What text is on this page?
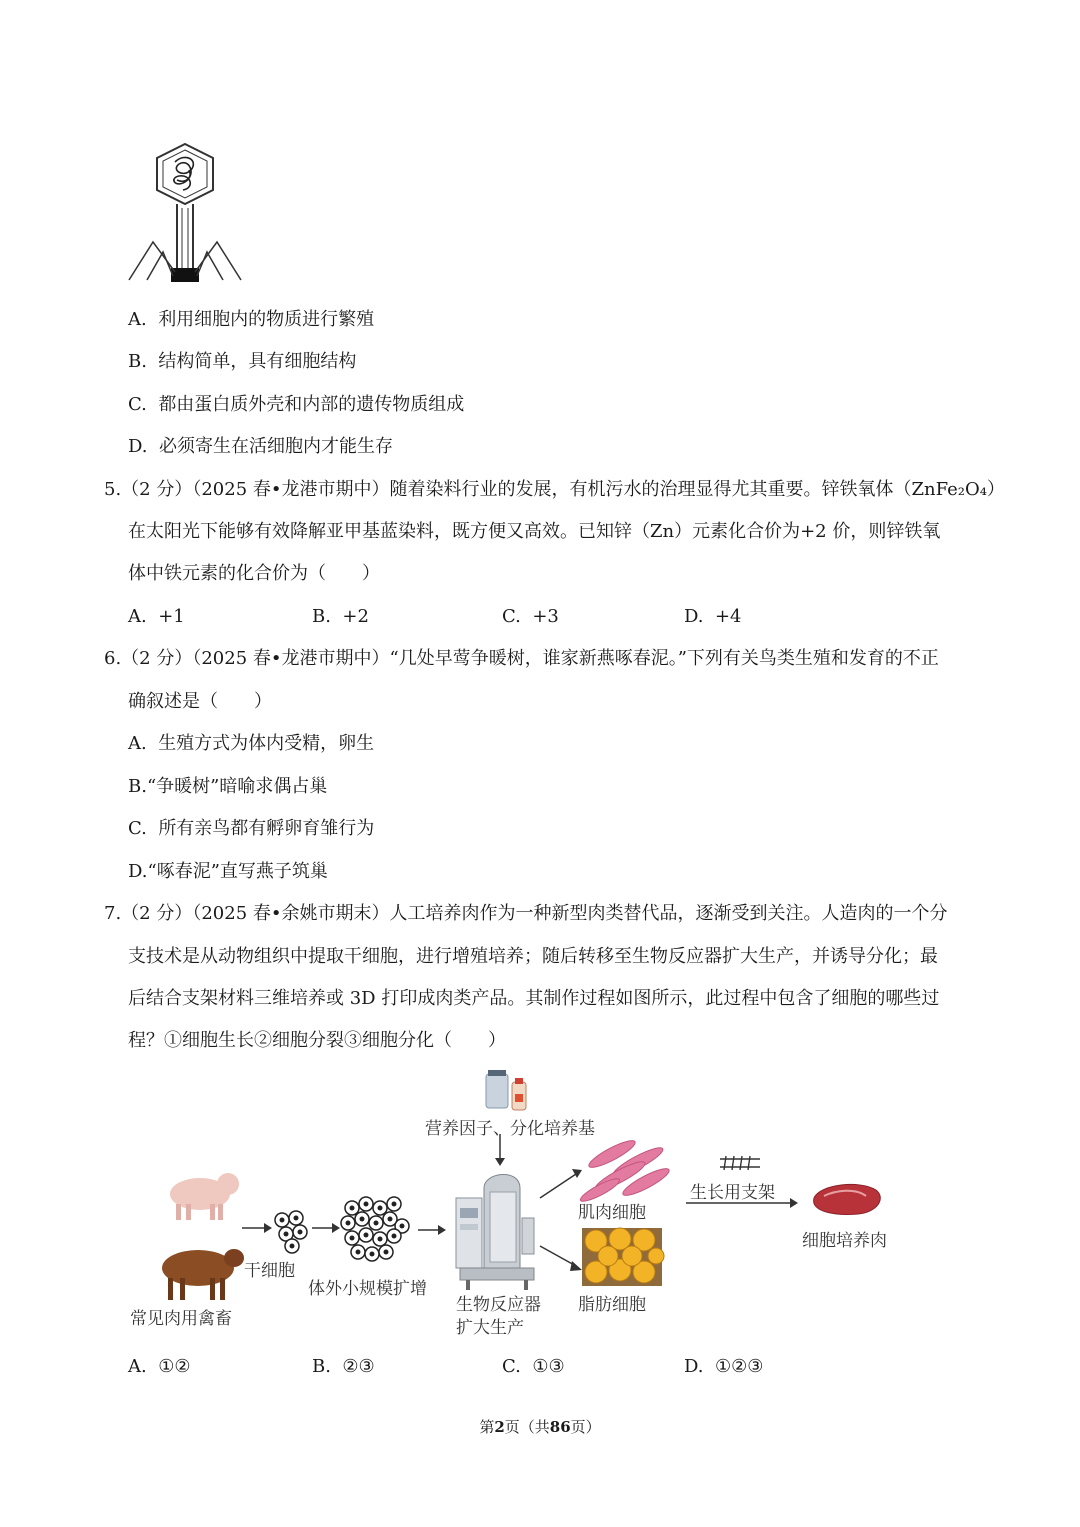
A. 利用细胞内的物质进行繁殖
B. 结构简单，具有细胞结构
C. 都由蛋白质外壳和内部的遗传物质组成
D. 必须寄生在活细胞内才能生存
5.（2 分）（2025 春•龙港市期中）随着染料行业的发展，有机污水的治理显得尤其重要。锌铁氧体（ZnFe₂O₄）
在太阳光下能够有效降解亚甲基蓝染料，既方便又高效。已知锌（Zn）元素化合价为+2 价，则锌铁氧
体中铁元素的化合价为（　　）
A. +1	B. +2	C. +3	D. +4
6.（2 分）（2025 春•龙港市期中）“几处早莺争暖树，谁家新燕啄春泥。”下列有关鸟类生殖和发育的不正
确叙述是（　　）
A. 生殖方式为体内受精，卵生
B.“争暖树”暗喻求偶占巢
C. 所有亲鸟都有孵卵育雏行为
D.“啄春泥”直写燕子筑巢
7.（2 分）（2025 春•余姚市期末）人工培养肉作为一种新型肉类替代品，逐渐受到关注。人造肉的一个分
支技术是从动物组织中提取干细胞，进行增殖培养；随后转移至生物反应器扩大生产，并诱导分化；最
后结合支架材料三维培养或 3D 打印成肉类产品。其制作过程如图所示，此过程中包含了细胞的哪些过
程？①细胞生长②细胞分裂③细胞分化（　　）
营养因子、分化培养基
常见肉用禽畜
干细胞
体外小规模扩增
生物反应器
扩大生产
肌肉细胞
脂肪细胞
生长用支架
细胞培养肉
A. ①②	B. ②③	C. ①③	D. ①②③
第2页（共86页）
